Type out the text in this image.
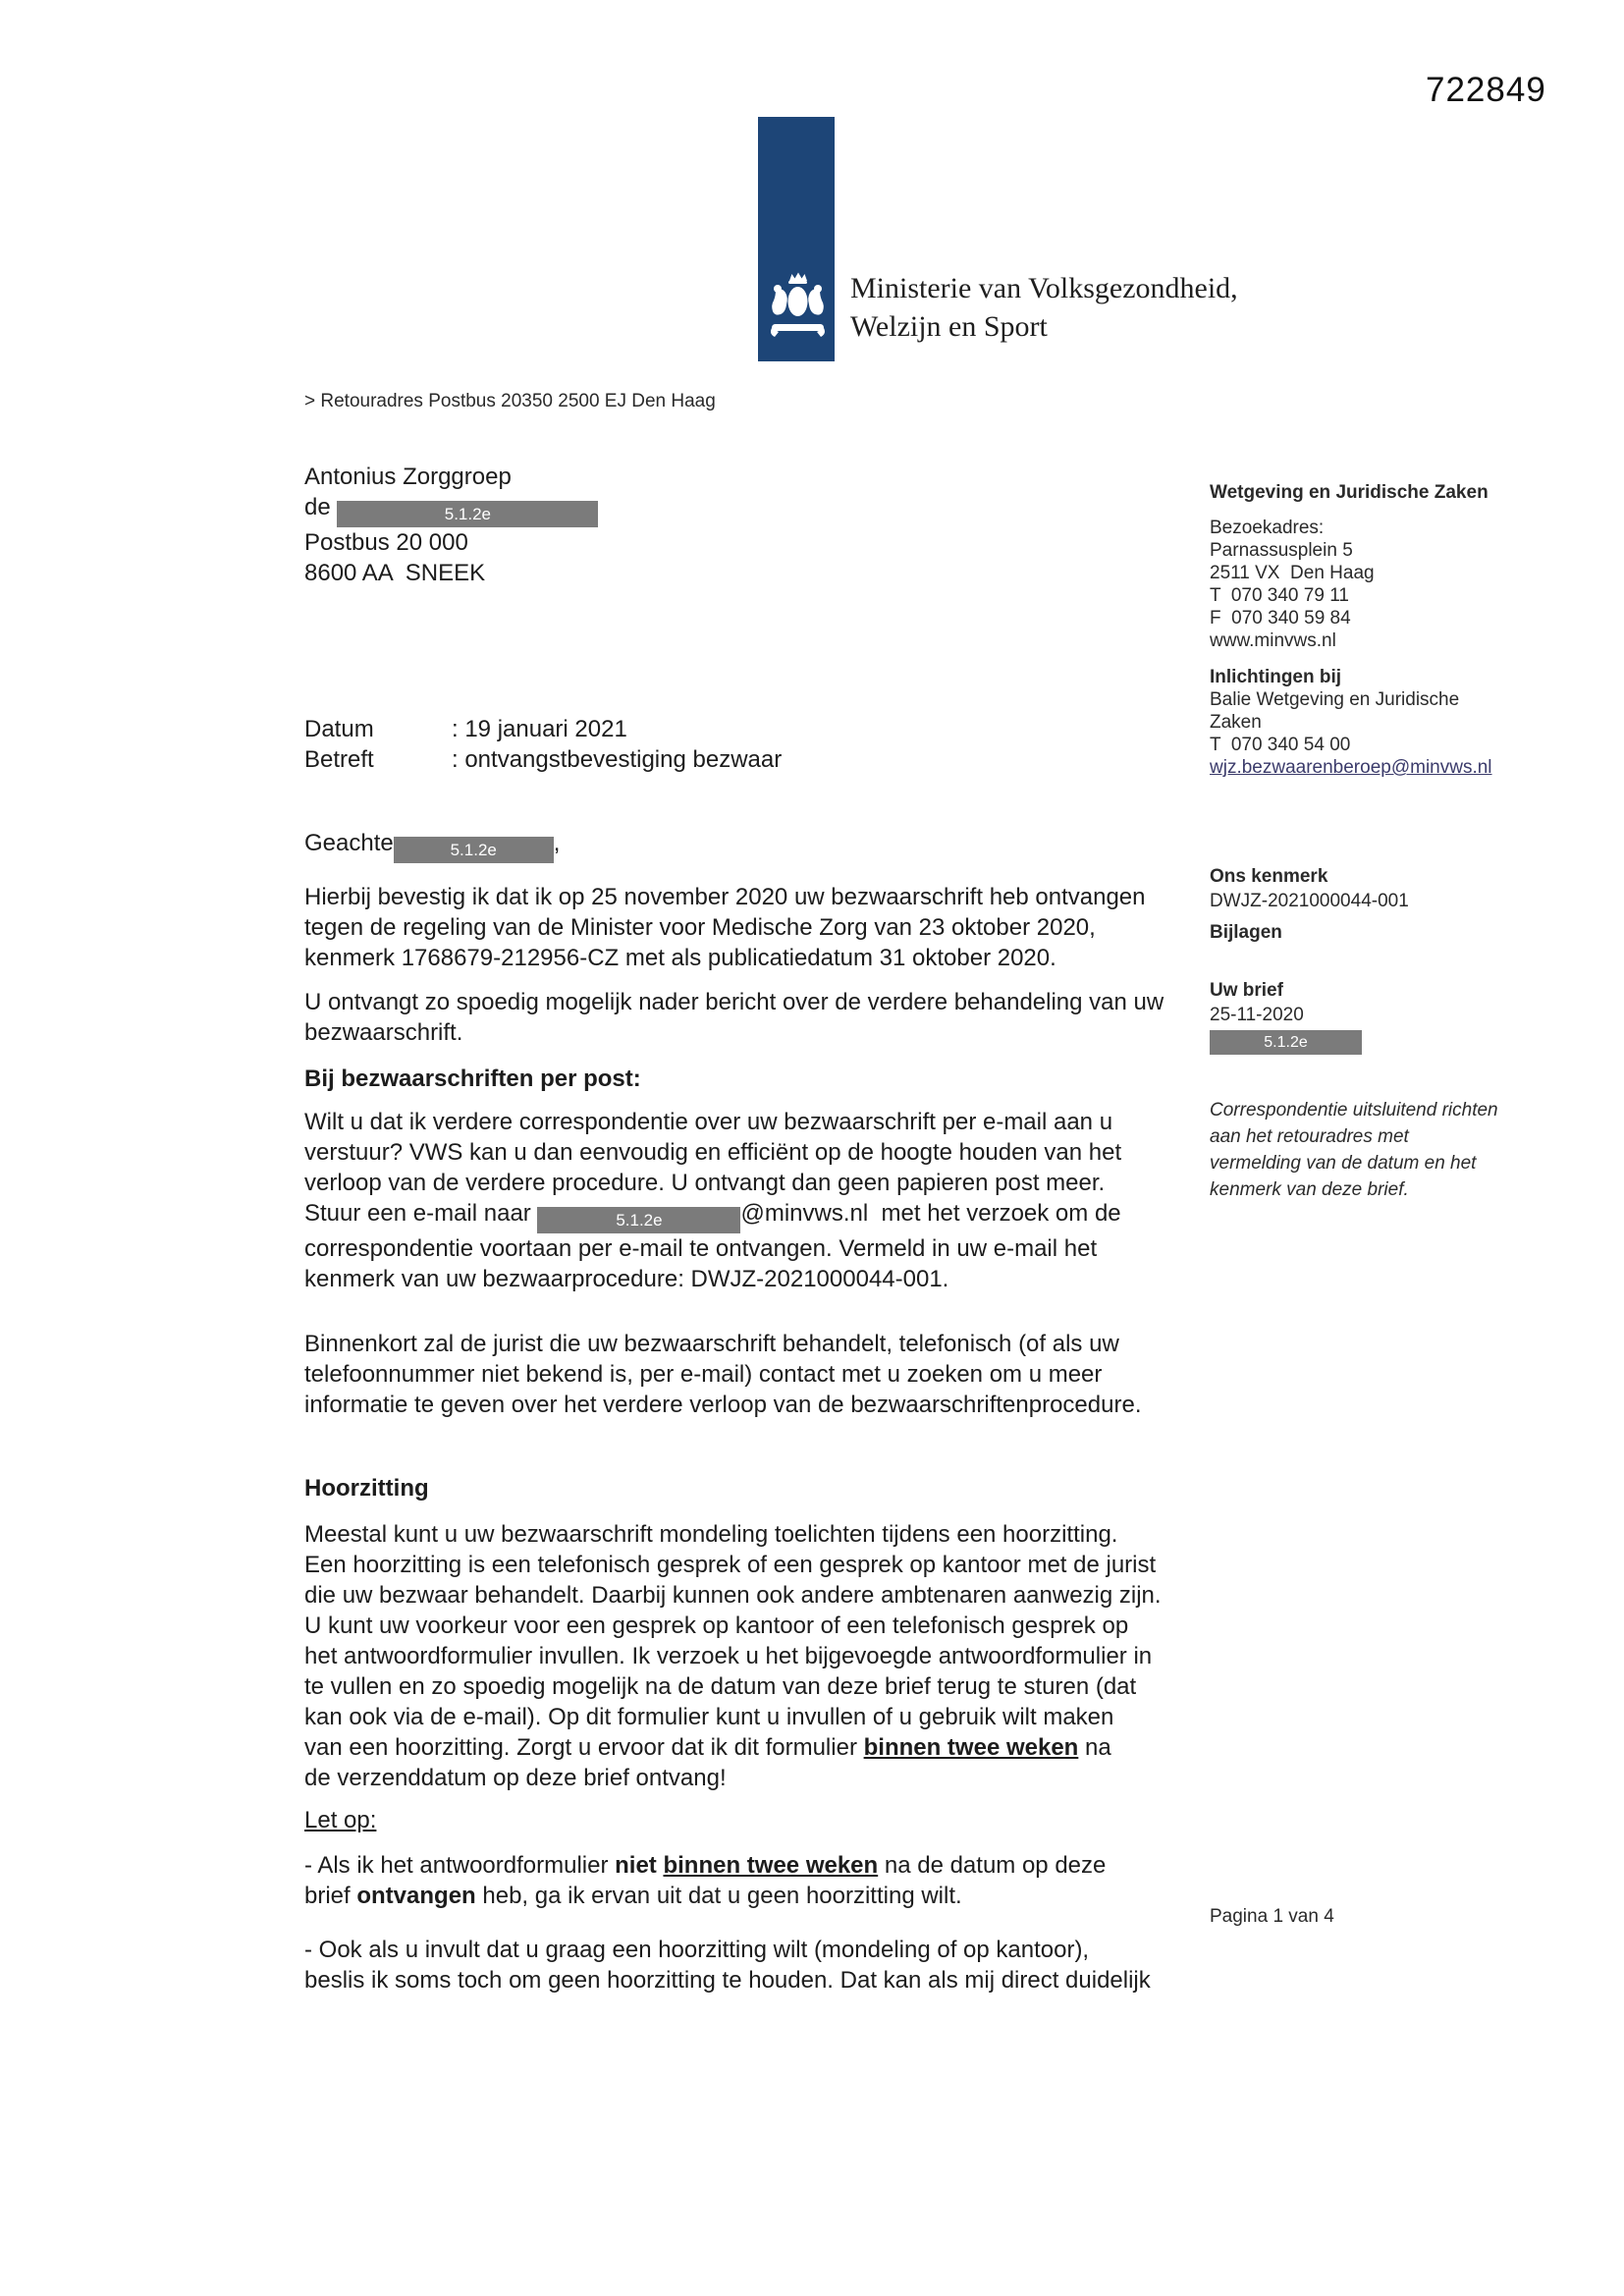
722849
Ministerie van Volksgezondheid,
Welzijn en Sport
> Retouradres Postbus 20350 2500 EJ Den Haag
Antonius Zorggroep
de	5.1.2e
Postbus 20 000
8600 AA  SNEEK
Datum	: 19 januari 2021
Betreft	: ontvangstbevestiging bezwaar
Geachte	5.1.2e ,
Hierbij bevestig ik dat ik op 25 november 2020 uw bezwaarschrift heb ontvangen
tegen de regeling van de Minister voor Medische Zorg van 23 oktober 2020,
kenmerk 1768679-212956-CZ met als publicatiedatum 31 oktober 2020.
U ontvangt zo spoedig mogelijk nader bericht over de verdere behandeling van uw
bezwaarschrift.
Bij bezwaarschriften per post:
Wilt u dat ik verdere correspondentie over uw bezwaarschrift per e-mail aan u
verstuur? VWS kan u dan eenvoudig en efficiënt op de hoogte houden van het
verloop van de verdere procedure. U ontvangt dan geen papieren post meer.
Stuur een e-mail naar	5.1.2e	@minvws.nl  met het verzoek om de
correspondentie voortaan per e-mail te ontvangen. Vermeld in uw e-mail het
kenmerk van uw bezwaarprocedure: DWJZ-2021000044-001.
Binnenkort zal de jurist die uw bezwaarschrift behandelt, telefonisch (of als uw
telefoonnummer niet bekend is, per e-mail) contact met u zoeken om u meer
informatie te geven over het verdere verloop van de bezwaarschriftenprocedure.
Hoorzitting
Meestal kunt u uw bezwaarschrift mondeling toelichten tijdens een hoorzitting.
Een hoorzitting is een telefonisch gesprek of een gesprek op kantoor met de jurist
die uw bezwaar behandelt. Daarbij kunnen ook andere ambtenaren aanwezig zijn.
U kunt uw voorkeur voor een gesprek op kantoor of een telefonisch gesprek op
het antwoordformulier invullen. Ik verzoek u het bijgevoegde antwoordformulier in
te vullen en zo spoedig mogelijk na de datum van deze brief terug te sturen (dat
kan ook via de e-mail). Op dit formulier kunt u invullen of u gebruik wilt maken
van een hoorzitting. Zorgt u ervoor dat ik dit formulier binnen twee weken na
de verzenddatum op deze brief ontvang!
Let op:
- Als ik het antwoordformulier niet binnen twee weken na de datum op deze
brief ontvangen heb, ga ik ervan uit dat u geen hoorzitting wilt.
- Ook als u invult dat u graag een hoorzitting wilt (mondeling of op kantoor),
beslis ik soms toch om geen hoorzitting te houden. Dat kan als mij direct duidelijk
Wetgeving en Juridische Zaken
Bezoekadres:
Parnassusplein 5
2511 VX  Den Haag
T  070 340 79 11
F  070 340 59 84
www.minvws.nl
Inlichtingen bij
Balie Wetgeving en Juridische
Zaken
T  070 340 54 00
wjz.bezwaarenberoep@minvws.nl
Ons kenmerk
DWJZ-2021000044-001
Bijlagen
Uw brief
25-11-2020
5.1.2e
Correspondentie uitsluitend richten
aan het retouradres met
vermelding van de datum en het
kenmerk van deze brief.
Pagina 1 van 4
